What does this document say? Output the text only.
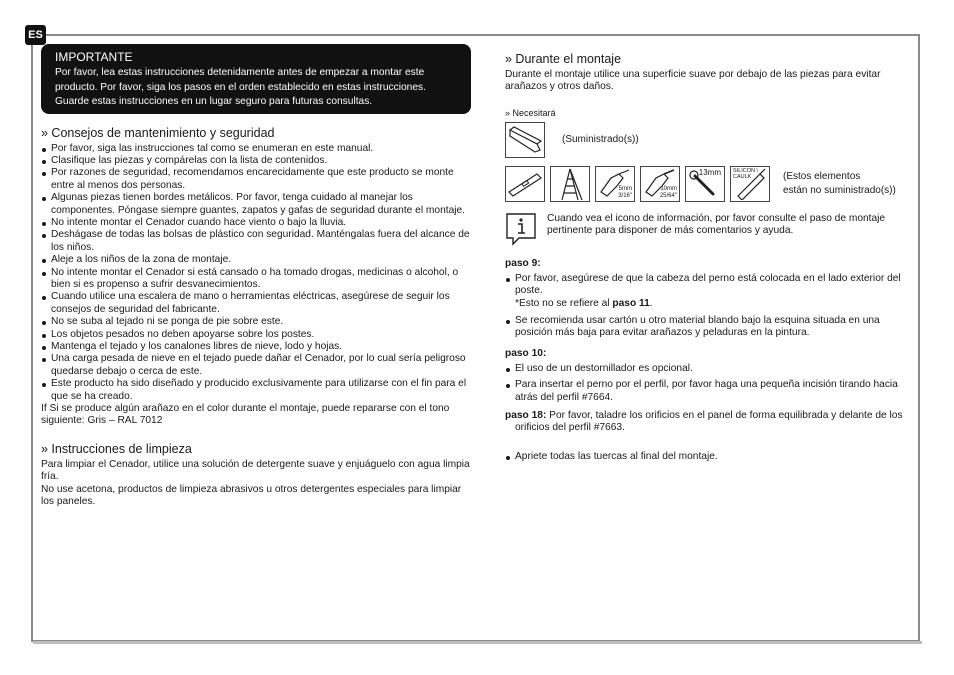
ES
IMPORTANTE
Por favor, lea estas instrucciones detenidamente antes de empezar a montar este
producto. Por favor, siga los pasos en el orden establecido en estas instrucciones.
Guarde estas instrucciones en un lugar seguro para futuras consultas.
» Consejos de mantenimiento y seguridad
Por favor, siga las instrucciones tal como se enumeran en este manual.
Clasifique las piezas y compárelas con la lista de contenidos.
Por razones de seguridad, recomendamos encarecidamente que este producto se monte entre al menos dos personas.
Algunas piezas tienen bordes metálicos. Por favor, tenga cuidado al manejar los componentes. Póngase siempre guantes, zapatos y gafas de seguridad durante el montaje.
No intente montar el Cenador cuando hace viento o bajo la lluvia.
Deshágase de todas las bolsas de plástico con seguridad. Manténgalas fuera del alcance de los niños.
Aleje a los niños de la zona de montaje.
No intente montar el Cenador si está cansado o ha tomado drogas, medicinas o alcohol, o bien si es propenso a sufrir desvanecimientos.
Cuando utilice una escalera de mano o herramientas eléctricas, asegúrese de seguir los consejos de seguridad del fabricante.
No se suba al tejado ni se ponga de pie sobre este.
Los objetos pesados no deben apoyarse sobre los postes.
Mantenga el tejado y los canalones libres de nieve, lodo y hojas.
Una carga pesada de nieve en el tejado puede dañar el Cenador, por lo cual sería peligroso quedarse debajo o cerca de este.
Este producto ha sido diseñado y producido exclusivamente para utilizarse con el fin para el que se ha creado.

If Si se produce algún arañazo en el color durante el montaje, puede repararse con el tono siguiente: Gris – RAL 7012

» Instrucciones de limpieza

Para limpiar el Cenador, utilice una solución de detergente suave y enjuáguelo con agua limpia fría.

No use acetona, productos de limpieza abrasivos u otros detergentes especiales para limpiar los paneles.

» Durante el montaje

Durante el montaje utilice una superficie suave por debajo de las piezas para evitar arañazos y otros daños.

» Necesitará
(Suministrado(s))
5mm
3/16"
10mm
25/64"
13mm SILICON \
CAULK	(Estos elementos
están no suministrado(s))
Cuando vea el icono de información, por favor consulte el paso de montaje pertinente para disponer de más comentarios y ayuda.
paso 9:
Por favor, asegúrese de que la cabeza del perno está colocada en el lado exterior del poste.
*Esto no se refiere al paso 11.
Se recomienda usar cartón u otro material blando bajo la esquina situada en una posición más baja para evitar arañazos y peladuras en la pintura.
paso 10:
El uso de un destornillador es opcional.
Para insertar el perno por el perfil, por favor haga una pequeña incisión tirando hacia atrás del perfil #7664.
paso 18: Por favor, taladre los orificios en el panel de forma equilibrada y delante de los orificios del perfil #7663.
Apriete todas las tuercas al final del montaje.
